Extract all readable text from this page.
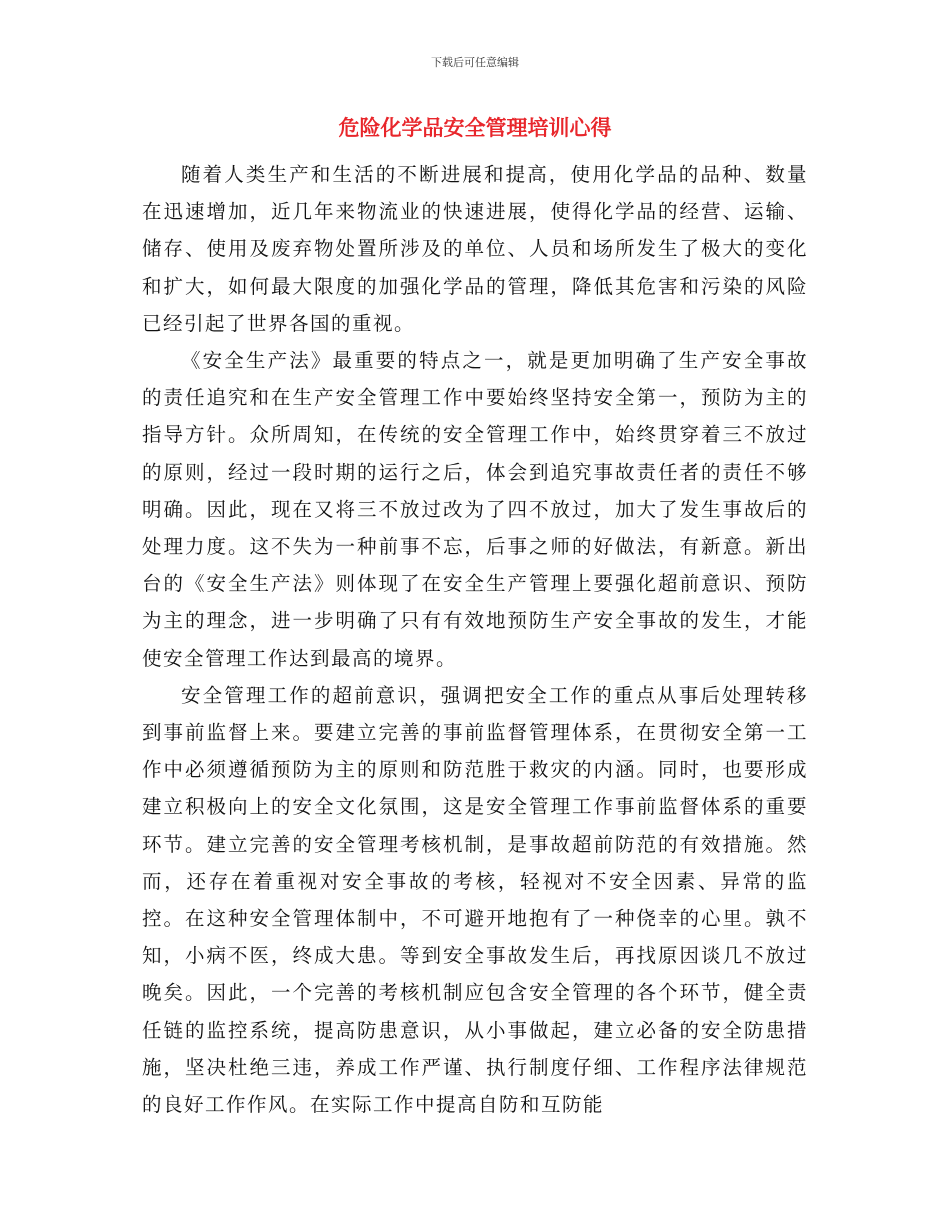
下载后可任意编辑
危险化学品安全管理培训心得

随着人类生产和生活的不断进展和提高，使用化学品的品种、数量在迅速增加，近几年来物流业的快速进展，使得化学品的经营、运输、储存、使用及废弃物处置所涉及的单位、人员和场所发生了极大的变化和扩大，如何最大限度的加强化学品的管理，降低其危害和污染的风险已经引起了世界各国的重视。

《安全生产法》最重要的特点之一，就是更加明确了生产安全事故的责任追究和在生产安全管理工作中要始终坚持安全第一，预防为主的指导方针。众所周知，在传统的安全管理工作中，始终贯穿着三不放过的原则，经过一段时期的运行之后，体会到追究事故责任者的责任不够明确。因此，现在又将三不放过改为了四不放过，加大了发生事故后的处理力度。这不失为一种前事不忘，后事之师的好做法，有新意。新出台的《安全生产法》则体现了在安全生产管理上要强化超前意识、预防为主的理念，进一步明确了只有有效地预防生产安全事故的发生，才能使安全管理工作达到最高的境界。

安全管理工作的超前意识，强调把安全工作的重点从事后处理转移到事前监督上来。要建立完善的事前监督管理体系，在贯彻安全第一工作中必须遵循预防为主的原则和防范胜于救灾的内涵。同时，也要形成建立积极向上的安全文化氛围，这是安全管理工作事前监督体系的重要环节。建立完善的安全管理考核机制，是事故超前防范的有效措施。然而，还存在着重视对安全事故的考核，轻视对不安全因素、异常的监控。在这种安全管理体制中，不可避开地抱有了一种侥幸的心里。孰不知，小病不医，终成大患。等到安全事故发生后，再找原因谈几不放过晚矣。因此，一个完善的考核机制应包含安全管理的各个环节，健全责任链的监控系统，提高防患意识，从小事做起，建立必备的安全防患措施，坚决杜绝三违，养成工作严谨、执行制度仔细、工作程序法律规范的良好工作作风。在实际工作中提高自防和互防能
